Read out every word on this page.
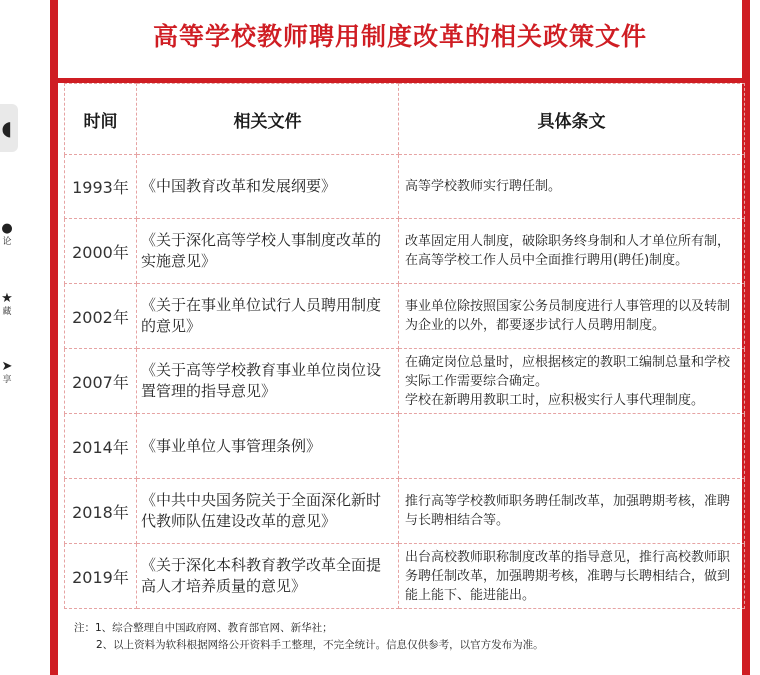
◖
●
论
★
藏
➤
享
高等学校教师聘用制度改革的相关政策文件
时间	相关文件	具体条文
1993年	《中国教育改革和发展纲要》	高等学校教师实行聘任制。
2000年	《关于深化高等学校人事制度改革的实施意见》	改革固定用人制度，破除职务终身制和人才单位所有制，在高等学校工作人员中全面推行聘用(聘任)制度。
2002年	《关于在事业单位试行人员聘用制度的意见》	事业单位除按照国家公务员制度进行人事管理的以及转制为企业的以外，都要逐步试行人员聘用制度。
2007年	《关于高等学校教育事业单位岗位设置管理的指导意见》	在确定岗位总量时，应根据核定的教职工编制总量和学校实际工作需要综合确定。
学校在新聘用教职工时，应积极实行人事代理制度。

2014年	《事业单位人事管理条例》	
2018年	《中共中央国务院关于全面深化新时代教师队伍建设改革的意见》	推行高等学校教师职务聘任制改革，加强聘期考核，准聘与长聘相结合等。
2019年	《关于深化本科教育教学改革全面提高人才培养质量的意见》	出台高校教师职称制度改革的指导意见，推行高校教师职务聘任制改革，加强聘期考核，准聘与长聘相结合，做到能上能下、能进能出。
注：1、综合整理自中国政府网、教育部官网、新华社；
2、以上资料为软科根据网络公开资料手工整理，不完全统计。信息仅供参考，以官方发布为准。
